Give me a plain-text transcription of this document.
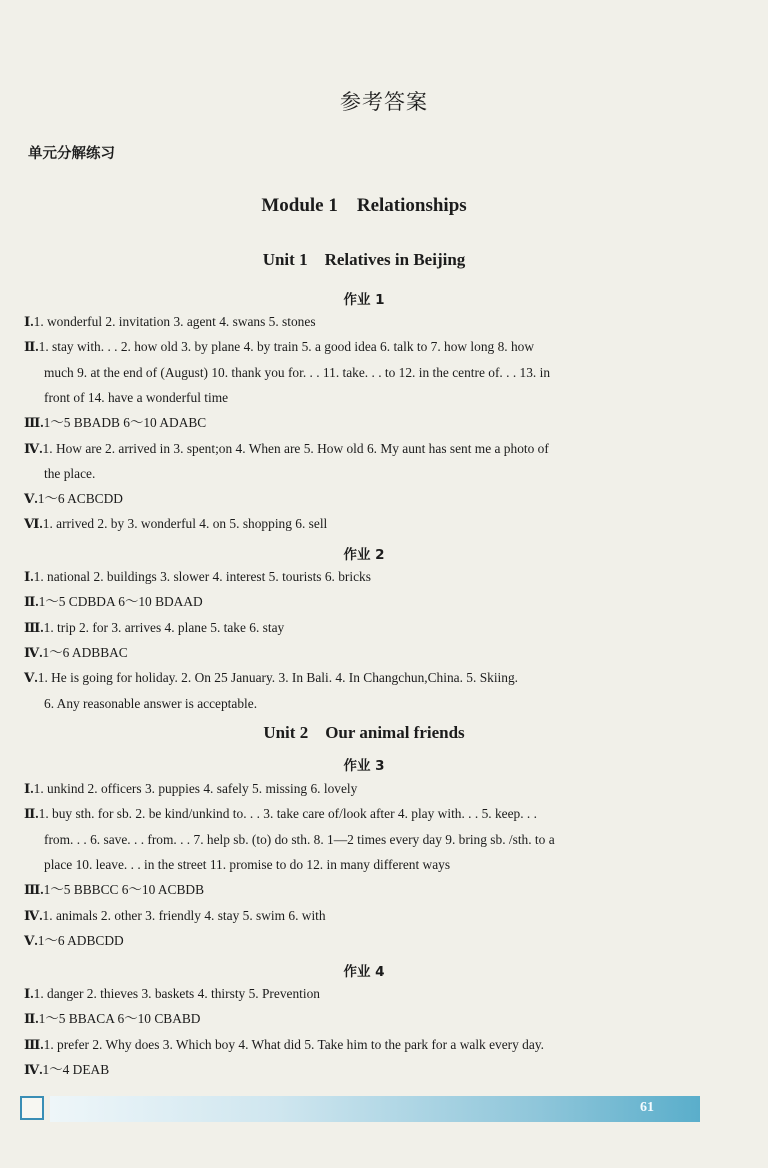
参考答案
单元分解练习
Module 1    Relationships
Unit 1    Relatives in Beijing
作业 1
Ⅰ.1. wonderful 2. invitation 3. agent 4. swans 5. stones
Ⅱ.1. stay with. . . 2. how old 3. by plane 4. by train 5. a good idea 6. talk to 7. how long 8. how
much 9. at the end of (August) 10. thank you for. . . 11. take. . . to 12. in the centre of. . . 13. in
front of 14. have a wonderful time
Ⅲ.1～5 BBADB 6～10 ADABC
Ⅳ.1. How are 2. arrived in 3. spent;on 4. When are 5. How old 6. My aunt has sent me a photo of
the place.
Ⅴ.1～6 ACBCDD
Ⅵ.1. arrived 2. by 3. wonderful 4. on 5. shopping 6. sell
作业 2
Ⅰ.1. national 2. buildings 3. slower 4. interest 5. tourists 6. bricks
Ⅱ.1～5 CDBDA 6～10 BDAAD
Ⅲ.1. trip 2. for 3. arrives 4. plane 5. take 6. stay
Ⅳ.1～6 ADBBAC
Ⅴ.1. He is going for holiday. 2. On 25 January. 3. In Bali. 4. In Changchun,China. 5. Skiing.
6. Any reasonable answer is acceptable.
Unit 2    Our animal friends
作业 3
Ⅰ.1. unkind 2. officers 3. puppies 4. safely 5. missing 6. lovely
Ⅱ.1. buy sth. for sb. 2. be kind/unkind to. . . 3. take care of/look after 4. play with. . . 5. keep. . .
from. . . 6. save. . . from. . . 7. help sb. (to) do sth. 8. 1—2 times every day 9. bring sb. /sth. to a
place 10. leave. . . in the street 11. promise to do 12. in many different ways
Ⅲ.1～5 BBBCC 6～10 ACBDB
Ⅳ.1. animals 2. other 3. friendly 4. stay 5. swim 6. with
Ⅴ.1～6 ADBCDD
作业 4
Ⅰ.1. danger 2. thieves 3. baskets 4. thirsty 5. Prevention
Ⅱ.1～5 BBACA 6～10 CBABD
Ⅲ.1. prefer 2. Why does 3. Which boy 4. What did 5. Take him to the park for a walk every day.
Ⅳ.1～4 DEAB
61
